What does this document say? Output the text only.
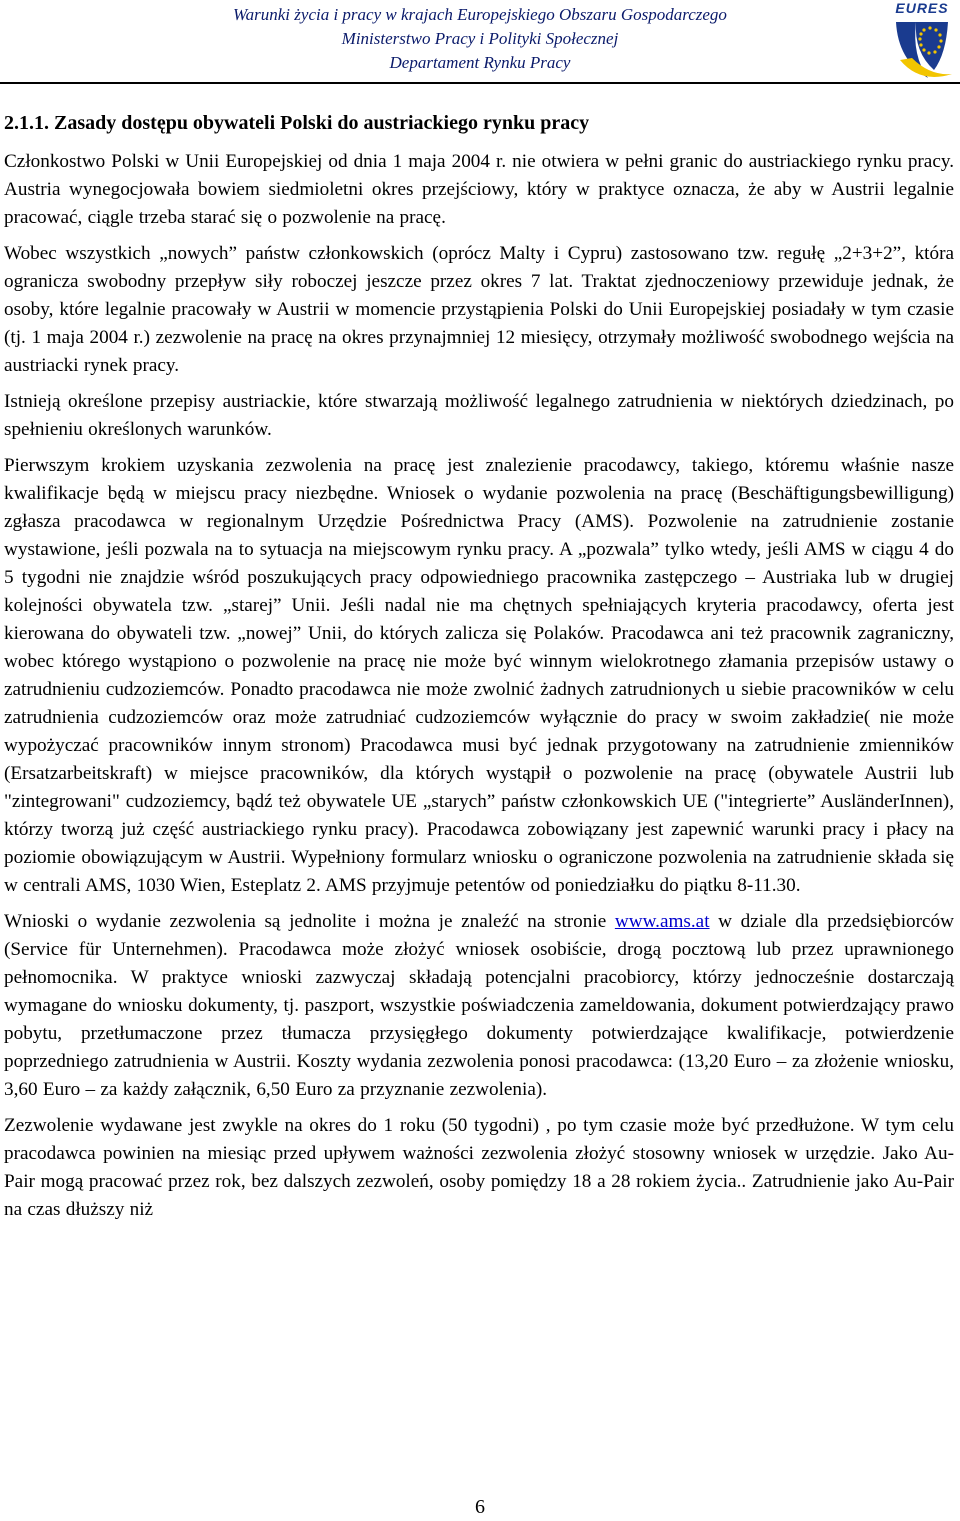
Warunki życia i pracy w krajach Europejskiego Obszaru Gospodarczego
Ministerstwo Pracy i Polityki Społecznej
Departament Rynku Pracy
EURES
2.1.1. Zasady dostępu obywateli Polski do austriackiego rynku pracy

Członkostwo Polski w Unii Europejskiej od dnia 1 maja 2004 r. nie otwiera w pełni granic do austriackiego rynku pracy. Austria wynegocjowała bowiem siedmioletni okres przejściowy, który w praktyce oznacza, że aby w Austrii legalnie pracować, ciągle trzeba starać się o pozwolenie na pracę.

Wobec wszystkich „nowych” państw członkowskich (oprócz Malty i Cypru) zastosowano tzw. regułę „2+3+2”, która ogranicza swobodny przepływ siły roboczej jeszcze przez okres 7 lat. Traktat zjednoczeniowy przewiduje jednak, że osoby, które legalnie pracowały w Austrii w momencie przystąpienia Polski do Unii Europejskiej posiadały w tym czasie (tj. 1 maja 2004 r.) zezwolenie na pracę na okres przynajmniej 12 miesięcy, otrzymały możliwość swobodnego wejścia na austriacki rynek pracy.

Istnieją określone przepisy austriackie, które stwarzają możliwość legalnego zatrudnienia w niektórych dziedzinach, po spełnieniu określonych warunków.

Pierwszym krokiem uzyskania zezwolenia na pracę jest znalezienie pracodawcy, takiego, któremu właśnie nasze kwalifikacje będą w miejscu pracy niezbędne. Wniosek o wydanie pozwolenia na pracę (Beschäftigungsbewilligung) zgłasza pracodawca w regionalnym Urzędzie Pośrednictwa Pracy (AMS). Pozwolenie na zatrudnienie zostanie wystawione, jeśli pozwala na to sytuacja na miejscowym rynku pracy. A „pozwala” tylko wtedy, jeśli AMS w ciągu 4 do 5 tygodni nie znajdzie wśród poszukujących pracy odpowiedniego pracownika zastępczego – Austriaka lub w drugiej kolejności obywatela tzw. „starej” Unii. Jeśli nadal nie ma chętnych spełniających kryteria pracodawcy, oferta jest kierowana do obywateli tzw. „nowej” Unii, do których zalicza się Polaków. Pracodawca ani też pracownik zagraniczny, wobec którego wystąpiono o pozwolenie na pracę nie może być winnym wielokrotnego złamania przepisów ustawy o zatrudnieniu cudzoziemców. Ponadto pracodawca nie może zwolnić żadnych zatrudnionych u siebie pracowników w celu zatrudnienia cudzoziemców oraz może zatrudniać cudzoziemców wyłącznie do pracy w swoim zakładzie( nie może wypożyczać pracowników innym stronom) Pracodawca musi być jednak przygotowany na zatrudnienie zmienników (Ersatzarbeitskraft) w miejsce pracowników, dla których wystąpił o pozwolenie na pracę (obywatele Austrii lub "zintegrowani" cudzoziemcy, bądź też obywatele UE „starych” państw członkowskich UE ("integrierte” AusländerInnen), którzy tworzą już część austriackiego rynku pracy). Pracodawca zobowiązany jest zapewnić warunki pracy i płacy na poziomie obowiązującym w Austrii. Wypełniony formularz wniosku o ograniczone pozwolenia na zatrudnienie składa się w centrali AMS, 1030 Wien, Esteplatz 2. AMS przyjmuje petentów od poniedziałku do piątku 8-11.30.

Wnioski o wydanie zezwolenia są jednolite i można je znaleźć na stronie www.ams.at w dziale dla przedsiębiorców (Service für Unternehmen). Pracodawca może złożyć wniosek osobiście, drogą pocztową lub przez uprawnionego pełnomocnika. W praktyce wnioski zazwyczaj składają potencjalni pracobiorcy, którzy jednocześnie dostarczają wymagane do wniosku dokumenty, tj. paszport, wszystkie poświadczenia zameldowania, dokument potwierdzający prawo pobytu, przetłumaczone przez tłumacza przysięgłego dokumenty potwierdzające kwalifikacje, potwierdzenie poprzedniego zatrudnienia w Austrii. Koszty wydania zezwolenia ponosi pracodawca: (13,20 Euro – za złożenie wniosku, 3,60 Euro – za każdy załącznik, 6,50 Euro za przyznanie zezwolenia).

Zezwolenie wydawane jest zwykle na okres do 1 roku (50 tygodni) , po tym czasie może być przedłużone. W tym celu pracodawca powinien na miesiąc przed upływem ważności zezwolenia złożyć stosowny wniosek w urzędzie. Jako Au-Pair mogą pracować przez rok, bez dalszych zezwoleń, osoby pomiędzy 18 a 28 rokiem życia.. Zatrudnienie jako Au-Pair na czas dłuższy niż

6
